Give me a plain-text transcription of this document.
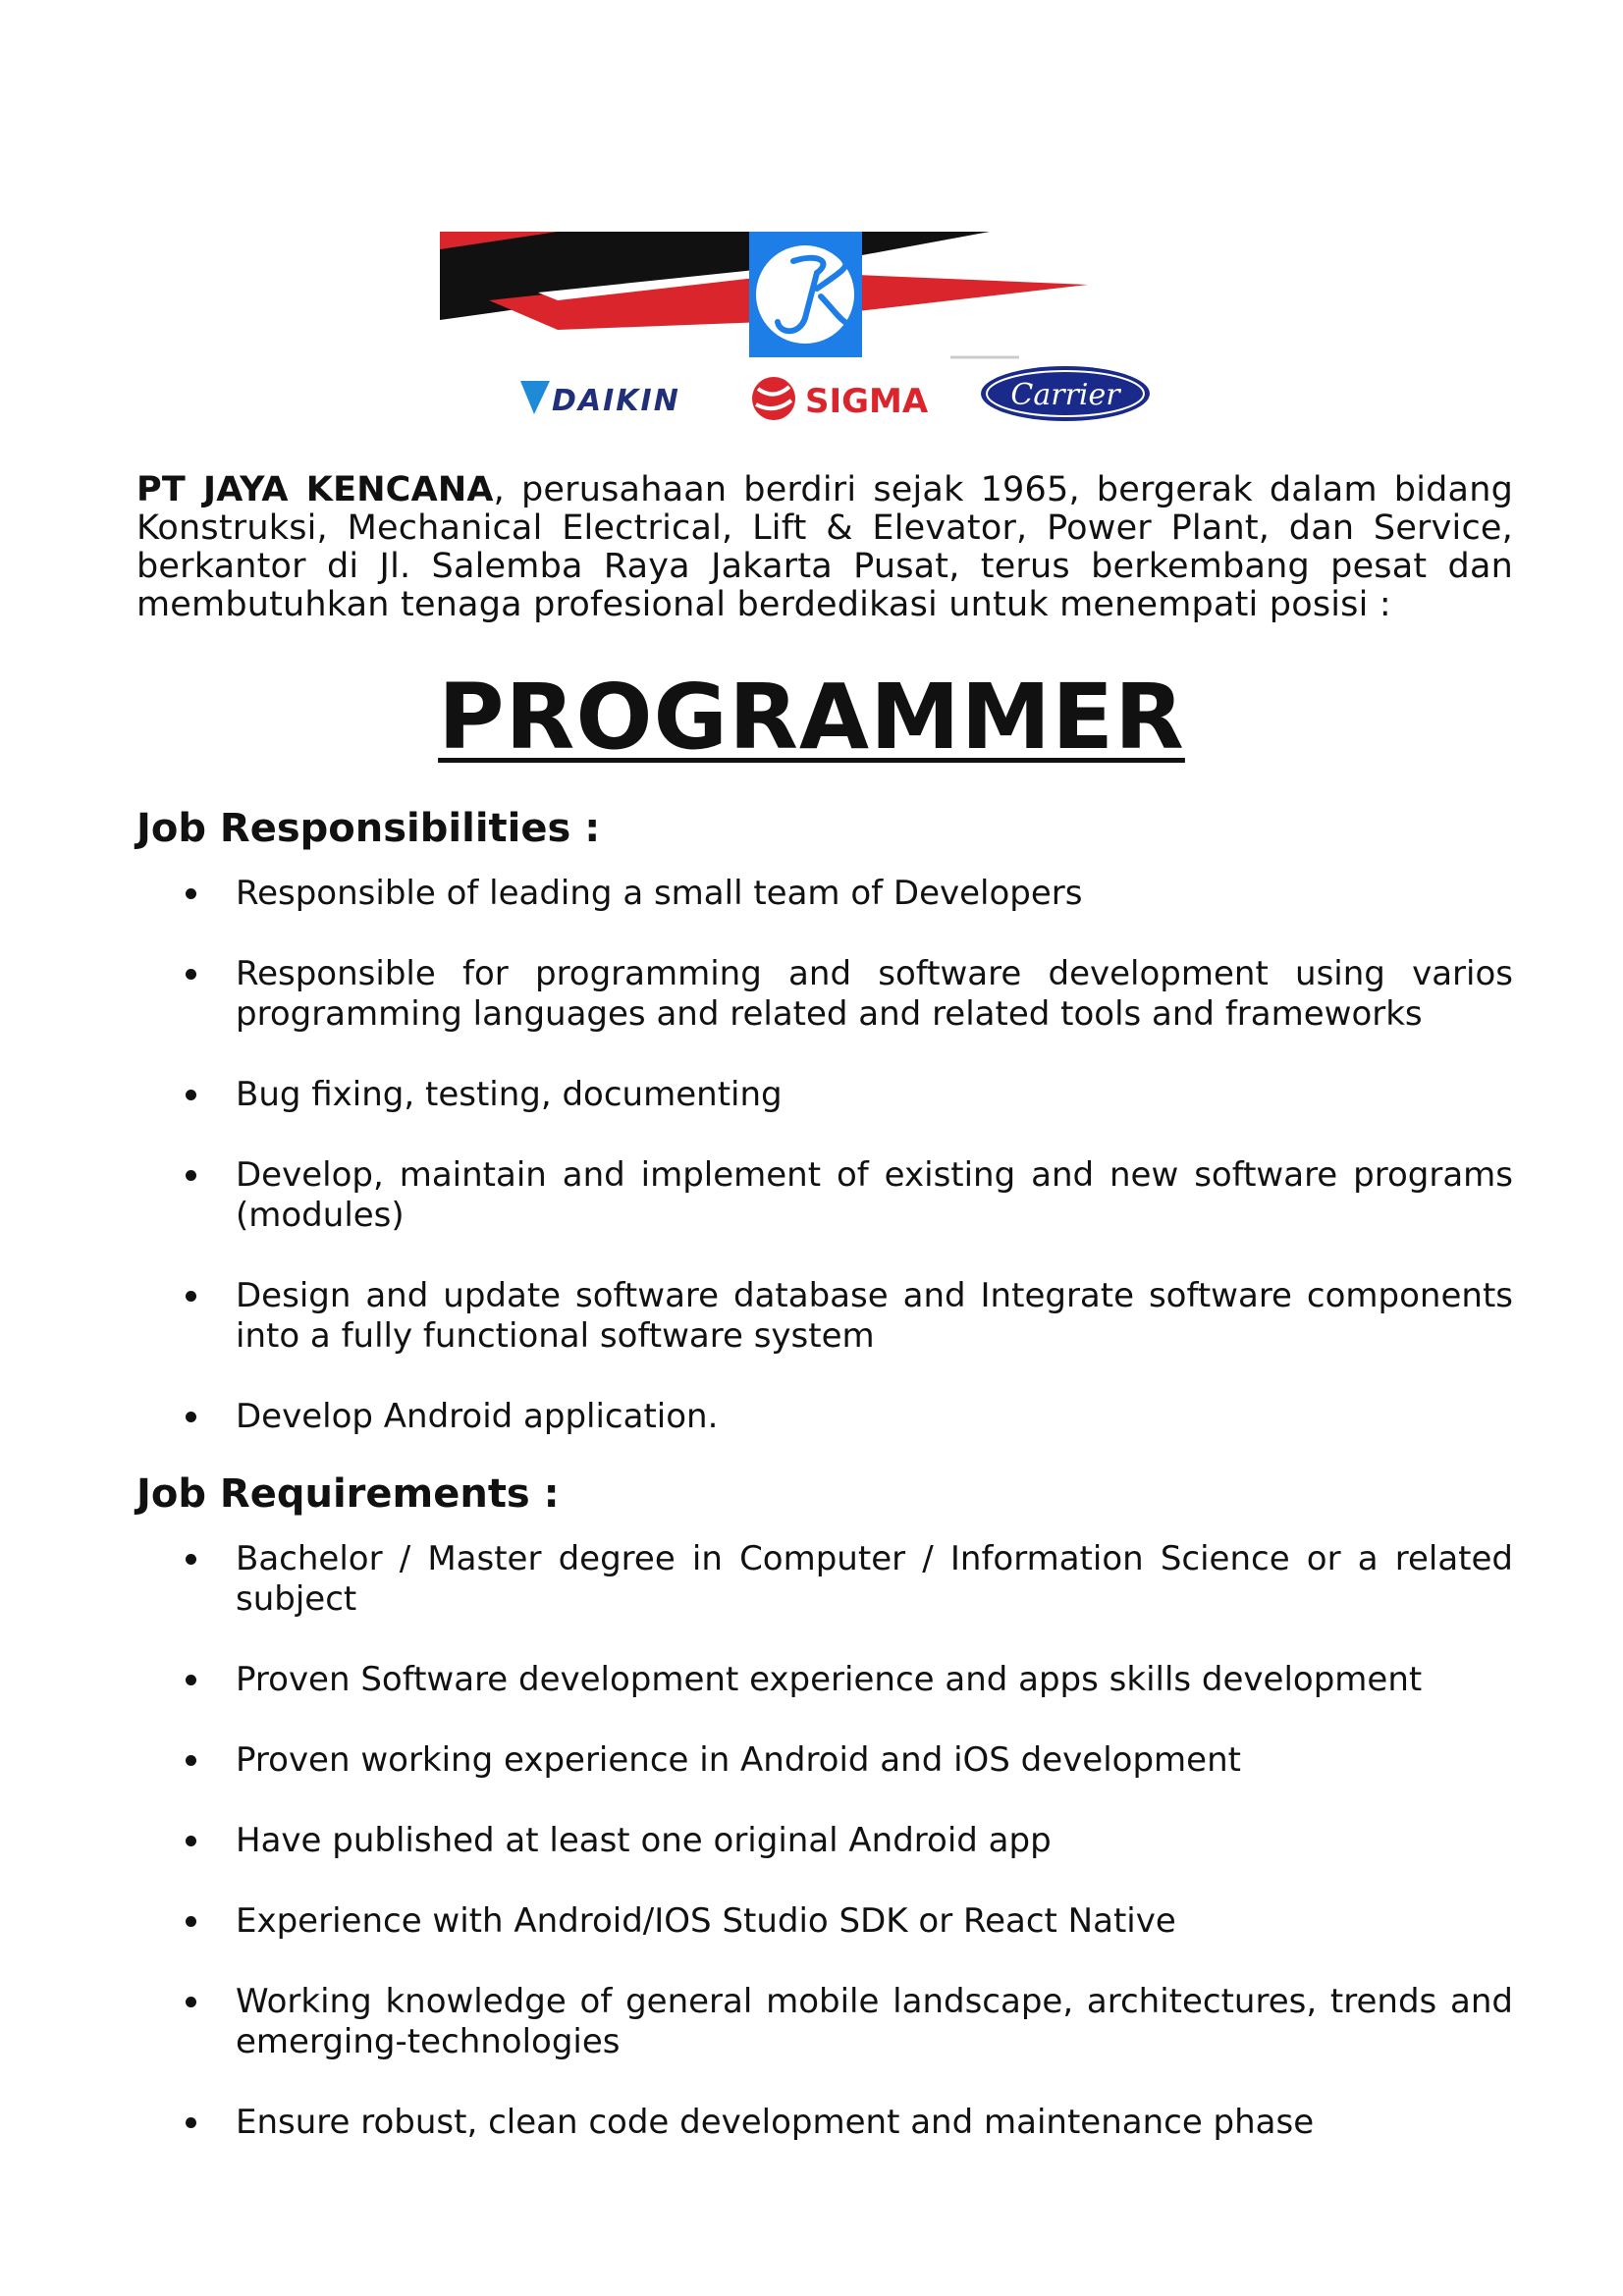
DAIKIN	SIGMA	Carrier

PT JAYA KENCANA, perusahaan berdiri sejak 1965, bergerak dalam bidang Konstruksi, Mechanical Electrical, Lift & Elevator, Power Plant, dan Service, berkantor di Jl. Salemba Raya Jakarta Pusat, terus berkembang pesat dan membutuhkan tenaga profesional berdedikasi untuk menempati posisi :

PROGRAMMER
Job Responsibilities :
Responsible of leading a small team of Developers
Responsible for programming and software development using varios programming languages and related and related tools and frameworks
Bug fixing, testing, documenting
Develop, maintain and implement of existing and new software programs (modules)
Design and update software database and Integrate software components into a fully functional software system
Develop Android application.
Job Requirements :
Bachelor / Master degree in Computer / Information Science or a related subject
Proven Software development experience and apps skills development
Proven working experience in Android and iOS development
Have published at least one original Android app
Experience with Android/IOS Studio SDK or React Native
Working knowledge of general mobile landscape, architectures, trends and emerging-technologies
Ensure robust, clean code development and maintenance phase
